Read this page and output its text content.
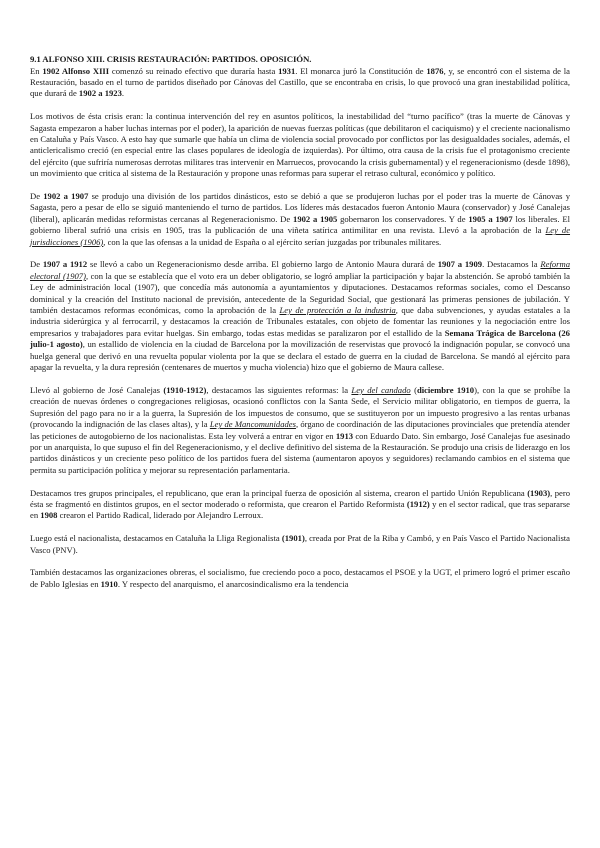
9.1 ALFONSO XIII. CRISIS RESTAURACIÓN: PARTIDOS. OPOSICIÓN.

En 1902 Alfonso XIII comenzó su reinado efectivo que duraría hasta 1931. El monarca juró la Constitución de 1876, y, se encontró con el sistema de la Restauración, basado en el turno de partidos diseñado por Cánovas del Castillo, que se encontraba en crisis, lo que provocó una gran inestabilidad política, que durará de 1902 a 1923.

Los motivos de ésta crisis eran: la continua intervención del rey en asuntos políticos, la inestabilidad del “turno pacífico” (tras la muerte de Cánovas y Sagasta empezaron a haber luchas internas por el poder), la aparición de nuevas fuerzas políticas (que debilitaron el caciquismo) y el creciente nacionalismo en Cataluña y País Vasco. A esto hay que sumarle que había un clima de violencia social provocado por conflictos por las desigualdades sociales, además, el anticlericalismo creció (en especial entre las clases populares de ideología de izquierdas). Por último, otra causa de la crisis fue el protagonismo creciente del ejército (que sufriría numerosas derrotas militares tras intervenir en Marruecos, provocando la crisis gubernamental) y el regeneracionismo (desde 1898), un movimiento que critica al sistema de la Restauración y propone unas reformas para superar el retraso cultural, económico y político.

De 1902 a 1907 se produjo una división de los partidos dinásticos, esto se debió a que se produjeron luchas por el poder tras la muerte de Cánovas y Sagasta, pero a pesar de ello se siguió manteniendo el turno de partidos. Los líderes más destacados fueron Antonio Maura (conservador) y José Canalejas (liberal), aplicarán medidas reformistas cercanas al Regeneracionismo. De 1902 a 1905 gobernaron los conservadores. Y de 1905 a 1907 los liberales. El gobierno liberal sufrió una crisis en 1905, tras la publicación de una viñeta satírica antimilitar en una revista. Llevó a la aprobación de la Ley de jurisdicciones (1906), con la que las ofensas a la unidad de España o al ejército serían juzgadas por tribunales militares.

De 1907 a 1912 se llevó a cabo un Regeneracionismo desde arriba. El gobierno largo de Antonio Maura durará de 1907 a 1909. Destacamos la Reforma electoral (1907), con la que se establecía que el voto era un deber obligatorio, se logró ampliar la participación y bajar la abstención. Se aprobó también la Ley de administración local (1907), que concedía más autonomía a ayuntamientos y diputaciones. Destacamos reformas sociales, como el Descanso dominical y la creación del Instituto nacional de previsión, antecedente de la Seguridad Social, que gestionará las primeras pensiones de jubilación. Y también destacamos reformas económicas, como la aprobación de la Ley de protección a la industria, que daba subvenciones, y ayudas estatales a la industria siderúrgica y al ferrocarril, y destacamos la creación de Tribunales estatales, con objeto de fomentar las reuniones y la negociación entre los empresarios y trabajadores para evitar huelgas. Sin embargo, todas estas medidas se paralizaron por el estallido de la Semana Trágica de Barcelona (26 julio-1 agosto), un estallido de violencia en la ciudad de Barcelona por la movilización de reservistas que provocó la indignación popular, se convocó una huelga general que derivó en una revuelta popular violenta por la que se declara el estado de guerra en la ciudad de Barcelona. Se mandó al ejército para apagar la revuelta, y la dura represión (centenares de muertos y mucha violencia) hizo que el gobierno de Maura callese.

Llevó al gobierno de José Canalejas (1910-1912), destacamos las siguientes reformas: la Ley del candado (diciembre 1910), con la que se prohíbe la creación de nuevas órdenes o congregaciones religiosas, ocasionó conflictos con la Santa Sede, el Servicio militar obligatorio, en tiempos de guerra, la Supresión del pago para no ir a la guerra, la Supresión de los impuestos de consumo, que se sustituyeron por un impuesto progresivo a las rentas urbanas (provocando la indignación de las clases altas), y la Ley de Mancomunidades, órgano de coordinación de las diputaciones provinciales que pretendía atender las peticiones de autogobierno de los nacionalistas. Esta ley volverá a entrar en vigor en 1913 con Eduardo Dato. Sin embargo, José Canalejas fue asesinado por un anarquista, lo que supuso el fin del Regeneracionismo, y el declive definitivo del sistema de la Restauración. Se produjo una crisis de liderazgo en los partidos dinásticos y un creciente peso político de los partidos fuera del sistema (aumentaron apoyos y seguidores) reclamando cambios en el sistema que permita su participación política y mejorar su representación parlamentaria.

Destacamos tres grupos principales, el republicano, que eran la principal fuerza de oposición al sistema, crearon el partido Unión Republicana (1903), pero ésta se fragmentó en distintos grupos, en el sector moderado o reformista, que crearon el Partido Reformista (1912) y en el sector radical, que tras separarse en 1908 crearon el Partido Radical, liderado por Alejandro Lerroux.

Luego está el nacionalista, destacamos en Cataluña la Lliga Regionalista (1901), creada por Prat de la Riba y Cambó, y en País Vasco el Partido Nacionalista Vasco (PNV).

También destacamos las organizaciones obreras, el socialismo, fue creciendo poco a poco, destacamos el PSOE y la UGT, el primero logró el primer escaño de Pablo Iglesias en 1910. Y respecto del anarquismo, el anarcosindicalismo era la tendencia
